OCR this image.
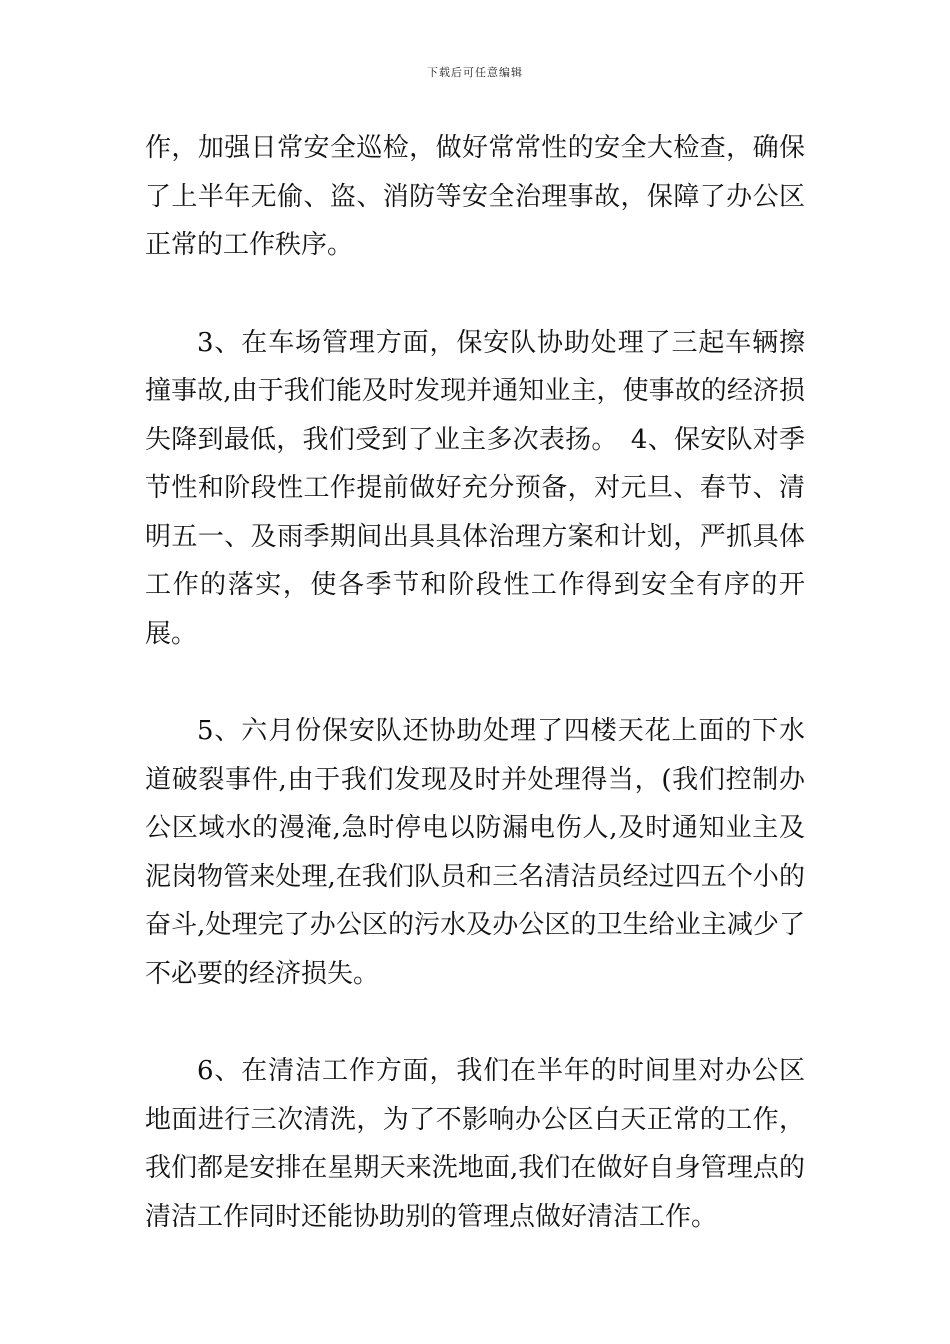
下载后可任意编辑

作，加强日常安全巡检，做好常常性的安全大检查，确保了上半年无偷、盗、消防等安全治理事故，保障了办公区正常的工作秩序。

3、在车场管理方面，保安队协助处理了三起车辆擦撞事故,由于我们能及时发现并通知业主，使事故的经济损失降到最低，我们受到了业主多次表扬。　4、保安队对季节性和阶段性工作提前做好充分预备，对元旦、春节、清明五一、及雨季期间出具具体治理方案和计划，严抓具体工作的落实，使各季节和阶段性工作得到安全有序的开展。

5、六月份保安队还协助处理了四楼天花上面的下水道破裂事件,由于我们发现及时并处理得当，(我们控制办公区域水的漫淹,急时停电以防漏电伤人,及时通知业主及泥岗物管来处理,在我们队员和三名清洁员经过四五个小的奋斗,处理完了办公区的污水及办公区的卫生给业主减少了不必要的经济损失。

6、在清洁工作方面，我们在半年的时间里对办公区地面进行三次清洗，为了不影响办公区白天正常的工作，我们都是安排在星期天来洗地面,我们在做好自身管理点的清洁工作同时还能协助别的管理点做好清洁工作。
